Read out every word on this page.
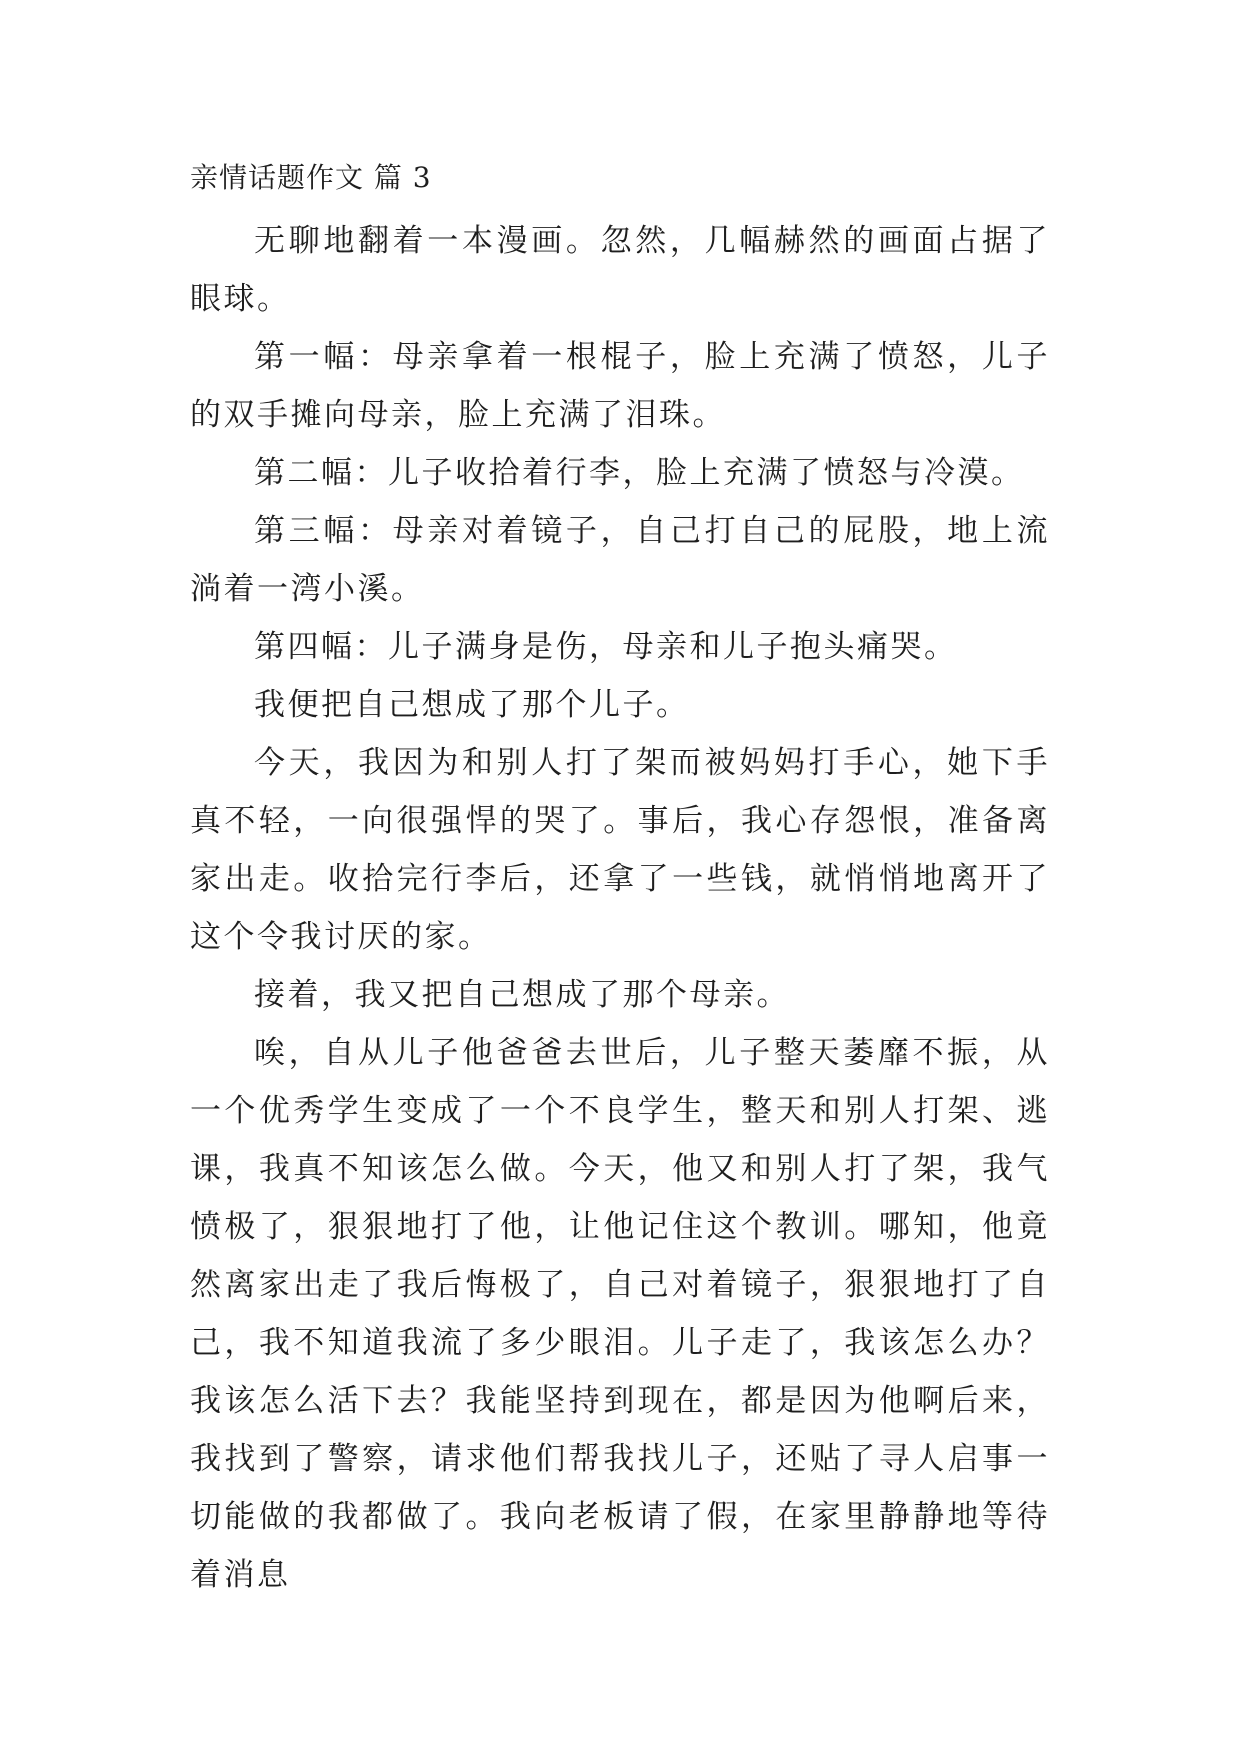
亲情话题作文 篇 3

无聊地翻着一本漫画。忽然，几幅赫然的画面占据了眼球。

第一幅：母亲拿着一根棍子，脸上充满了愤怒，儿子的双手摊向母亲，脸上充满了泪珠。

第二幅：儿子收拾着行李，脸上充满了愤怒与冷漠。

第三幅：母亲对着镜子，自己打自己的屁股，地上流淌着一湾小溪。

第四幅：儿子满身是伤，母亲和儿子抱头痛哭。

我便把自己想成了那个儿子。

今天，我因为和别人打了架而被妈妈打手心，她下手真不轻，一向很强悍的哭了。事后，我心存怨恨，准备离家出走。收拾完行李后，还拿了一些钱，就悄悄地离开了这个令我讨厌的家。

接着，我又把自己想成了那个母亲。

唉，自从儿子他爸爸去世后，儿子整天萎靡不振，从一个优秀学生变成了一个不良学生，整天和别人打架、逃课，我真不知该怎么做。今天，他又和别人打了架，我气愤极了，狠狠地打了他，让他记住这个教训。哪知，他竟然离家出走了我后悔极了，自己对着镜子，狠狠地打了自己，我不知道我流了多少眼泪。儿子走了，我该怎么办？我该怎么活下去？我能坚持到现在，都是因为他啊后来，我找到了警察，请求他们帮我找儿子，还贴了寻人启事一切能做的我都做了。我向老板请了假，在家里静静地等待着消息
